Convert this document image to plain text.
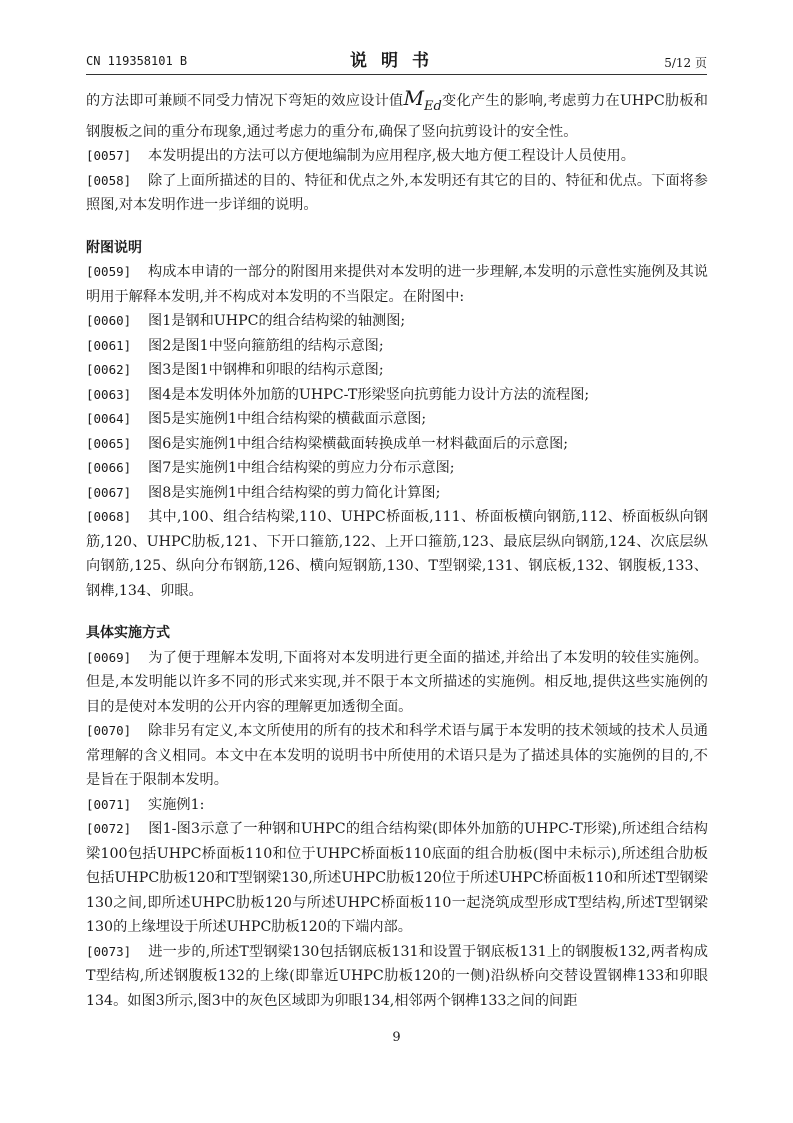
CN 119358101 B	说明书	5/12 页

的方法即可兼顾不同受力情况下弯矩的效应设计值$M_{Ed}$变化产生的影响,考虑剪力在UHPC肋板和钢腹板之间的重分布现象,通过考虑力的重分布,确保了竖向抗剪设计的安全性。

[0057] 本发明提出的方法可以方便地编制为应用程序,极大地方便工程设计人员使用。

[0058] 除了上面所描述的目的、特征和优点之外,本发明还有其它的目的、特征和优点。下面将参照图,对本发明作进一步详细的说明。

附图说明

[0059] 构成本申请的一部分的附图用来提供对本发明的进一步理解,本发明的示意性实施例及其说明用于解释本发明,并不构成对本发明的不当限定。在附图中:

[0060] 图1是钢和UHPC的组合结构梁的轴测图;

[0061] 图2是图1中竖向箍筋组的结构示意图;

[0062] 图3是图1中钢榫和卯眼的结构示意图;

[0063] 图4是本发明体外加筋的UHPC-T形梁竖向抗剪能力设计方法的流程图;

[0064] 图5是实施例1中组合结构梁的横截面示意图;

[0065] 图6是实施例1中组合结构梁横截面转换成单一材料截面后的示意图;

[0066] 图7是实施例1中组合结构梁的剪应力分布示意图;

[0067] 图8是实施例1中组合结构梁的剪力简化计算图;

[0068] 其中,100、组合结构梁,110、UHPC桥面板,111、桥面板横向钢筋,112、桥面板纵向钢筋,120、UHPC肋板,121、下开口箍筋,122、上开口箍筋,123、最底层纵向钢筋,124、次底层纵向钢筋,125、纵向分布钢筋,126、横向短钢筋,130、T型钢梁,131、钢底板,132、钢腹板,133、钢榫,134、卯眼。

具体实施方式

[0069] 为了便于理解本发明,下面将对本发明进行更全面的描述,并给出了本发明的较佳实施例。但是,本发明能以许多不同的形式来实现,并不限于本文所描述的实施例。相反地,提供这些实施例的目的是使对本发明的公开内容的理解更加透彻全面。

[0070] 除非另有定义,本文所使用的所有的技术和科学术语与属于本发明的技术领域的技术人员通常理解的含义相同。本文中在本发明的说明书中所使用的术语只是为了描述具体的实施例的目的,不是旨在于限制本发明。

[0071] 实施例1:

[0072] 图1-图3示意了一种钢和UHPC的组合结构梁(即体外加筋的UHPC-T形梁),所述组合结构梁100包括UHPC桥面板110和位于UHPC桥面板110底面的组合肋板(图中未标示),所述组合肋板包括UHPC肋板120和T型钢梁130,所述UHPC肋板120位于所述UHPC桥面板110和所述T型钢梁130之间,即所述UHPC肋板120与所述UHPC桥面板110一起浇筑成型形成T型结构,所述T型钢梁130的上缘埋设于所述UHPC肋板120的下端内部。

[0073] 进一步的,所述T型钢梁130包括钢底板131和设置于钢底板131上的钢腹板132,两者构成T型结构,所述钢腹板132的上缘(即靠近UHPC肋板120的一侧)沿纵桥向交替设置钢榫133和卯眼134。如图3所示,图3中的灰色区域即为卯眼134,相邻两个钢榫133之间的间距

9
